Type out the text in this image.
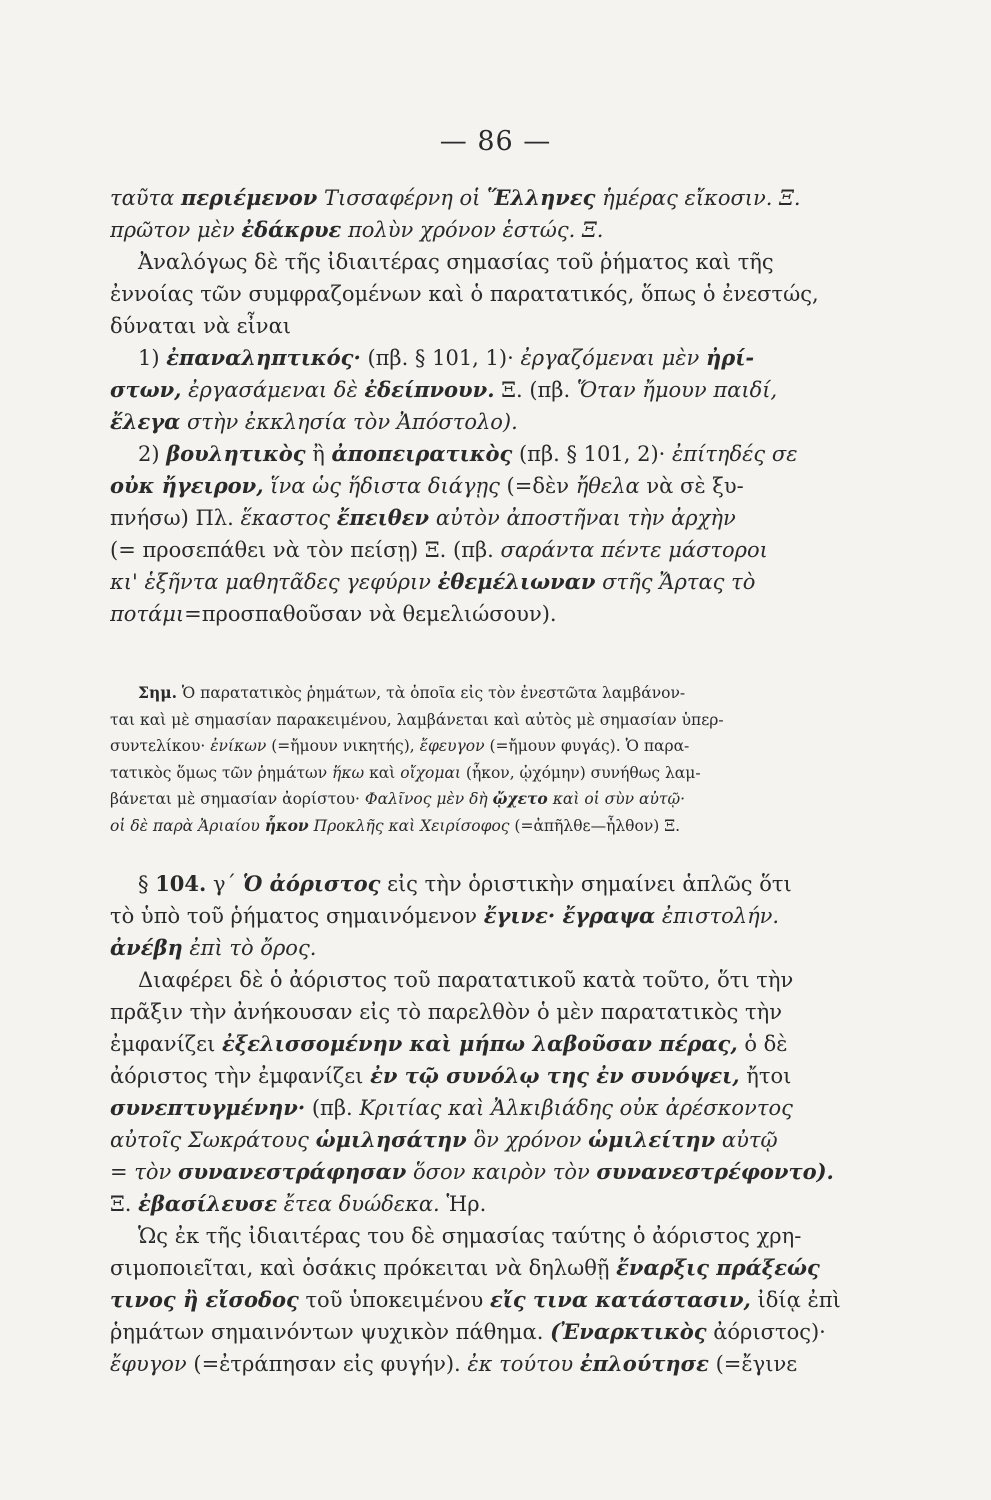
— 86 —
ταῦτα περιέμενον Τισσαφέρνη οἱ Ἕλληνες ἡμέρας εἴκοσιν. Ξ.
πρῶτον μὲν ἐδάκρυε πολὺν χρόνον ἑστώς. Ξ.
Ἀναλόγως δὲ τῆς ἰδιαιτέρας σημασίας τοῦ ῥήματος καὶ τῆς
ἐννοίας τῶν συμφραζομένων καὶ ὁ παρατατικός, ὅπως ὁ ἐνεστώς,
δύναται νὰ εἶναι
1) ἐπαναληπτικός· (πβ. § 101, 1)· ἐργαζόμεναι μὲν ἠρί-
στων, ἐργασάμεναι δὲ ἐδείπνουν. Ξ. (πβ. Ὅταν ἤμουν παιδί,
ἔλεγα στὴν ἐκκλησία τὸν Ἀπόστολο).
2) βουλητικὸς ἢ ἀποπειρατικὸς (πβ. § 101, 2)· ἐπίτηδές σε
οὐκ ἤγειρον, ἵνα ὡς ἥδιστα διάγῃς (=δὲν ἤθελα νὰ σὲ ξυ-
πνήσω) Πλ. ἕκαστος ἔπειθεν αὐτὸν ἀποστῆναι τὴν ἀρχὴν
(= προσεπάθει νὰ τὸν πείσῃ) Ξ. (πβ. σαράντα πέντε μάστοροι
κι' ἑξῆντα μαθητᾶδες γεφύριν ἐθεμέλιωναν στῆς Ἄρτας τὸ
ποτάμι=προσπαθοῦσαν νὰ θεμελιώσουν).
Σημ. Ὁ παρατατικὸς ῥημάτων, τὰ ὁποῖα εἰς τὸν ἐνεστῶτα λαμβάνον-
ται καὶ μὲ σημασίαν παρακειμένου, λαμβάνεται καὶ αὐτὸς μὲ σημασίαν ὑπερ-
συντελίκου· ἐνίκων (=ἤμουν νικητής), ἔφευγον (=ἤμουν φυγάς). Ὁ παρα-
τατικὸς ὅμως τῶν ῥημάτων ἥκω καὶ οἴχομαι (ἧκον, ᾠχόμην) συνήθως λαμ-
βάνεται μὲ σημασίαν ἀορίστου· Φαλῖνος μὲν δὴ ᾤχετο καὶ οἱ σὺν αὐτῷ·
οἱ δὲ παρὰ Ἀριαίου ἧκον Προκλῆς καὶ Χειρίσοφος (=ἀπῆλθε—ἦλθον) Ξ.
§ 104. γ´ Ὁ ἀόριστος εἰς τὴν ὁριστικὴν σημαίνει ἁπλῶς ὅτι
τὸ ὑπὸ τοῦ ῥήματος σημαινόμενον ἔγινε· ἔγραψα ἐπιστολήν.
ἀνέβη ἐπὶ τὸ ὄρος.
Διαφέρει δὲ ὁ ἀόριστος τοῦ παρατατικοῦ κατὰ τοῦτο, ὅτι τὴν
πρᾶξιν τὴν ἀνήκουσαν εἰς τὸ παρελθὸν ὁ μὲν παρατατικὸς τὴν
ἐμφανίζει ἐξελισσομένην καὶ μήπω λαβοῦσαν πέρας, ὁ δὲ
ἀόριστος τὴν ἐμφανίζει ἐν τῷ συνόλῳ της ἐν συνόψει, ἤτοι
συνεπτυγμένην· (πβ. Κριτίας καὶ Ἀλκιβιάδης οὐκ ἀρέσκοντος
αὐτοῖς Σωκράτους ὡμιλησάτην ὃν χρόνον ὡμιλείτην αὐτῷ
= τὸν συνανεστράφησαν ὅσον καιρὸν τὸν συνανεστρέφοντο).
Ξ. ἐβασίλευσε ἔτεα δυώδεκα. Ἡρ.
Ὡς ἐκ τῆς ἰδιαιτέρας του δὲ σημασίας ταύτης ὁ ἀόριστος χρη-
σιμοποιεῖται, καὶ ὁσάκις πρόκειται νὰ δηλωθῇ ἔναρξις πράξεώς
τινος ἢ εἴσοδος τοῦ ὑποκειμένου εἴς τινα κατάστασιν, ἰδίᾳ ἐπὶ
ῥημάτων σημαινόντων ψυχικὸν πάθημα. (Ἐναρκτικὸς ἀόριστος)·
ἔφυγον (=ἐτράπησαν εἰς φυγήν). ἐκ τούτου ἐπλούτησε (=ἔγινε
